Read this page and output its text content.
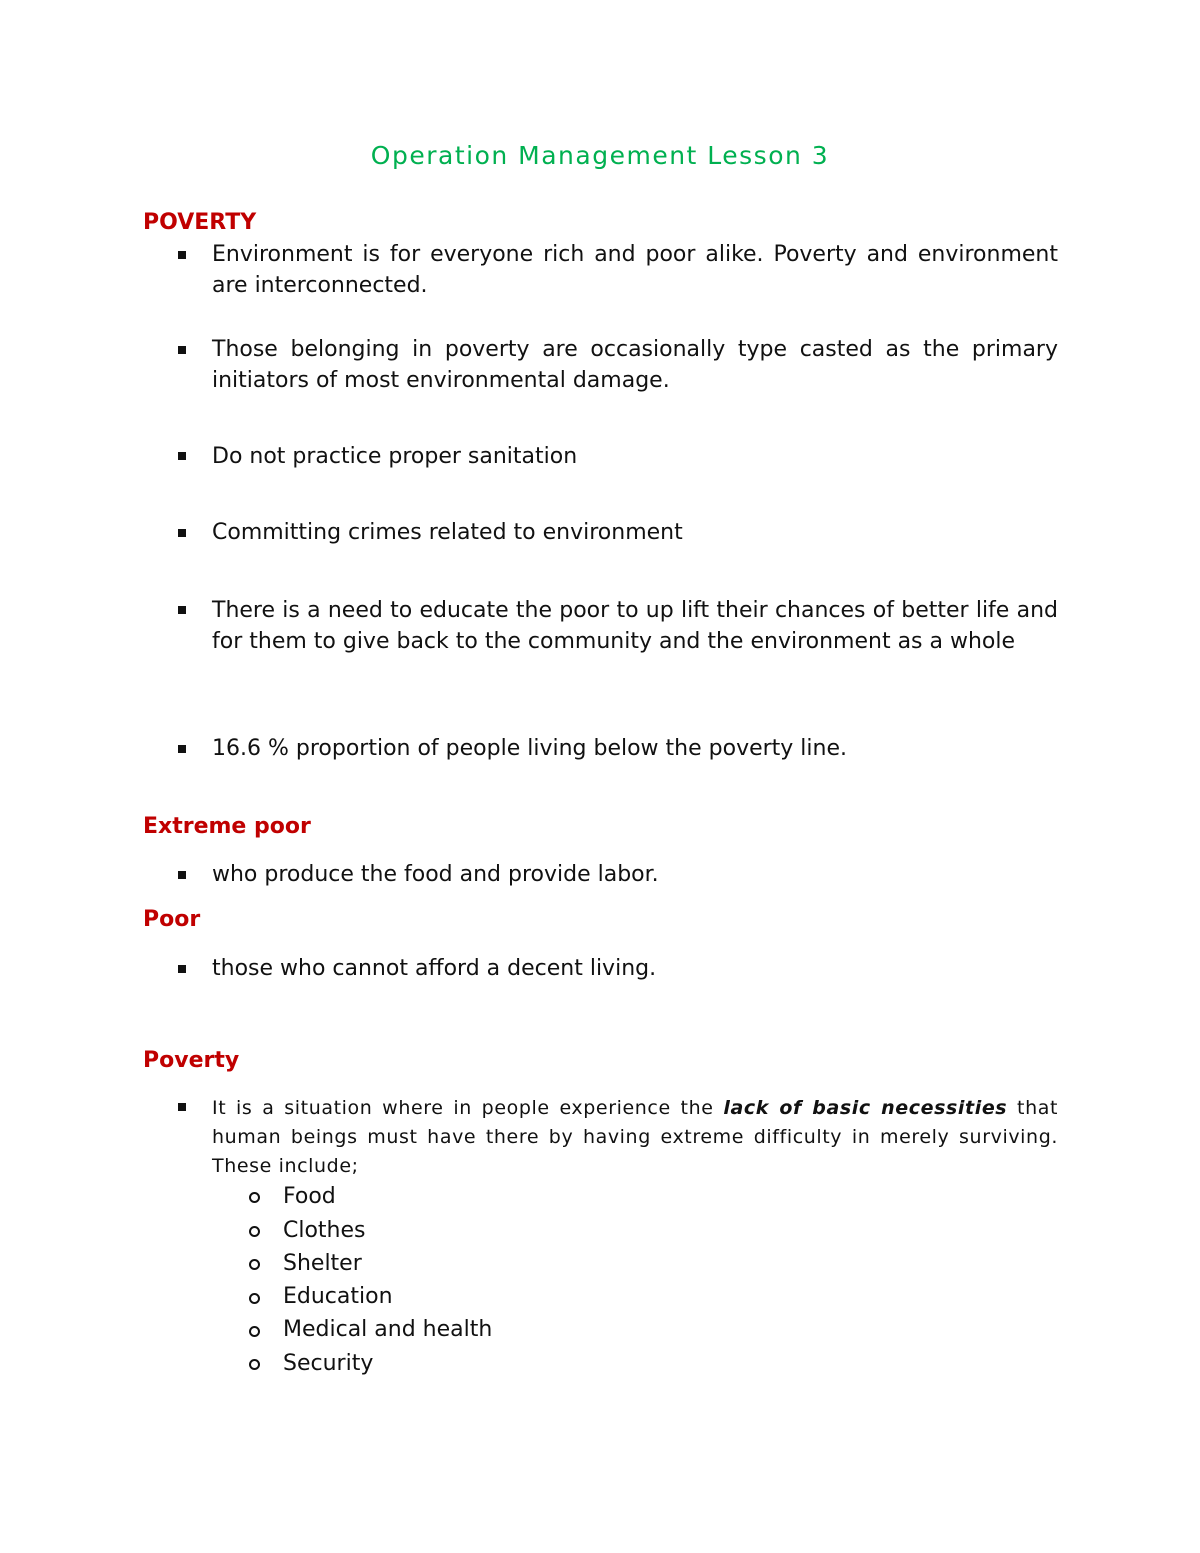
Operation Management Lesson 3
POVERTY

Environment is for everyone rich and poor alike. Poverty and environment are interconnected.

Those belonging in poverty are occasionally type casted as the primary initiators of most environmental damage.

Do not practice proper sanitation

Committing crimes related to environment

There is a need to educate the poor to up lift their chances of better life and for them to give back to the community and the environment as a whole

16.6 % proportion of people living below the poverty line.

Extreme poor

who produce the food and provide labor.

Poor

those who cannot afford a decent living.

Poverty

It is a situation where in people experience the lack of basic necessities that human beings must have there by having extreme difficulty in merely surviving. These include;

Food

Clothes

Shelter

Education

Medical and health

Security
